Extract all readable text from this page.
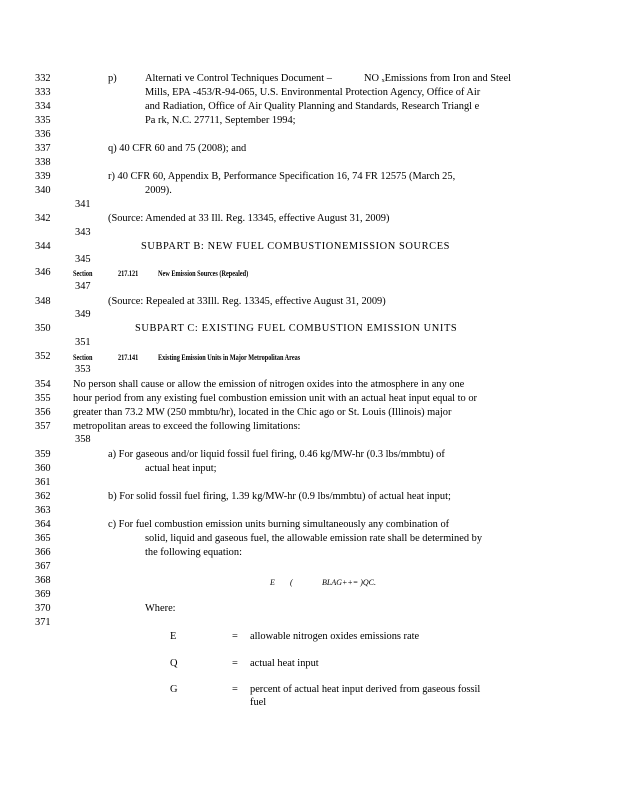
332
333
334
335
336
337
338
339
340
341
342
343
344
345
346
347
348
349
350
351
352
353
354
355
356
357
358
359
360
361
362
363
364
365
366
367
368
369
370
371
p)	Alternati ve Control Techniques Document –	NO ₓEmissions from Iron and Steel
Mills, EPA -453/R-94-065, U.S. Environmental Protection Agency, Office of Air
and Radiation, Office of Air Quality Planning and Standards, Research Triangl e
Pa rk, N.C. 27711, September 1994;
q) 40 CFR 60 and 75 (2008); and
r) 40 CFR 60, Appendix B, Performance Specification 16, 74 FR 12575 (March 25,
2009).
(Source: Amended at 33 Ill. Reg. 13345, effective August 31, 2009)
SUBPART B: NEW FUEL COMBUSTIONEMISSION SOURCES
Section	217.121 New Emission Sources (Repealed)
(Source: Repealed at 33Ill. Reg. 13345, effective August 31, 2009)
SUBPART C: EXISTING FUEL COMBUSTION EMISSION UNITS
Section	217.141 Existing Emission Units in Major Metropolitan Areas
No person shall cause or allow the emission of nitrogen oxides into the atmosphere in any one
hour period from any existing fuel combustion emission unit with an actual heat input equal to or
greater than 73.2 MW (250 mmbtu/hr), located in the Chic ago or St. Louis (Illinois) major
metropolitan areas to exceed the following limitations:
a) For gaseous and/or liquid fossil fuel firing, 0.46 kg/MW-hr (0.3 lbs/mmbtu) of
actual heat input;
b) For solid fossil fuel firing, 1.39 kg/MW-hr (0.9 lbs/mmbtu) of actual heat input;
c) For fuel combustion emission units burning simultaneously any combination of
solid, liquid and gaseous fuel, the allowable emission rate shall be determined by
the following equation:
E (	BLAG++= )QC.
Where:
E	= allowable nitrogen oxides emissions rate
Q	= actual heat input
G	= percent of actual heat input derived from gaseous fossil
fuel
